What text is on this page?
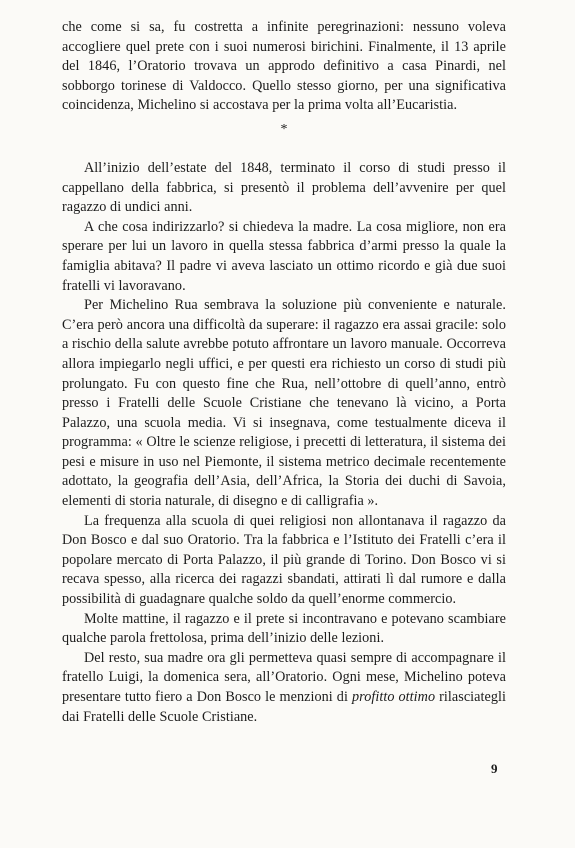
che come si sa, fu costretta a infinite peregrinazioni: nessuno voleva accogliere quel prete con i suoi numerosi birichini. Finalmente, il 13 aprile del 1846, l’Oratorio trovava un approdo definitivo a casa Pinardi, nel sobborgo torinese di Valdocco. Quello stesso giorno, per una significativa coincidenza, Michelino si accostava per la prima volta all’Eucaristia.

*

All’inizio dell’estate del 1848, terminato il corso di studi presso il cappellano della fabbrica, si presentò il problema dell’avvenire per quel ragazzo di undici anni.

A che cosa indirizzarlo? si chiedeva la madre. La cosa migliore, non era sperare per lui un lavoro in quella stessa fabbrica d’armi presso la quale la famiglia abitava? Il padre vi aveva lasciato un ottimo ricordo e già due suoi fratelli vi lavoravano.

Per Michelino Rua sembrava la soluzione più conveniente e naturale. C’era però ancora una difficoltà da superare: il ragazzo era assai gracile: solo a rischio della salute avrebbe potuto affrontare un lavoro manuale. Occorreva allora impiegarlo negli uffici, e per questi era richiesto un corso di studi più prolungato. Fu con questo fine che Rua, nell’ottobre di quell’anno, entrò presso i Fratelli delle Scuole Cristiane che tenevano là vicino, a Porta Palazzo, una scuola media. Vi si insegnava, come testualmente diceva il programma: « Oltre le scienze religiose, i precetti di letteratura, il sistema dei pesi e misure in uso nel Piemonte, il sistema metrico decimale recentemente adottato, la geografia dell’Asia, dell’Africa, la Storia dei duchi di Savoia, elementi di storia naturale, di disegno e di calligrafia ».

La frequenza alla scuola di quei religiosi non allontanava il ragazzo da Don Bosco e dal suo Oratorio. Tra la fabbrica e l’Istituto dei Fratelli c’era il popolare mercato di Porta Palazzo, il più grande di Torino. Don Bosco vi si recava spesso, alla ricerca dei ragazzi sbandati, attirati lì dal rumore e dalla possibilità di guadagnare qualche soldo da quell’enorme commercio.

Molte mattine, il ragazzo e il prete si incontravano e potevano scambiare qualche parola frettolosa, prima dell’inizio delle lezioni.

Del resto, sua madre ora gli permetteva quasi sempre di accompagnare il fratello Luigi, la domenica sera, all’Oratorio. Ogni mese, Michelino poteva presentare tutto fiero a Don Bosco le menzioni di profitto ottimo rilasciategli dai Fratelli delle Scuole Cristiane.

9
